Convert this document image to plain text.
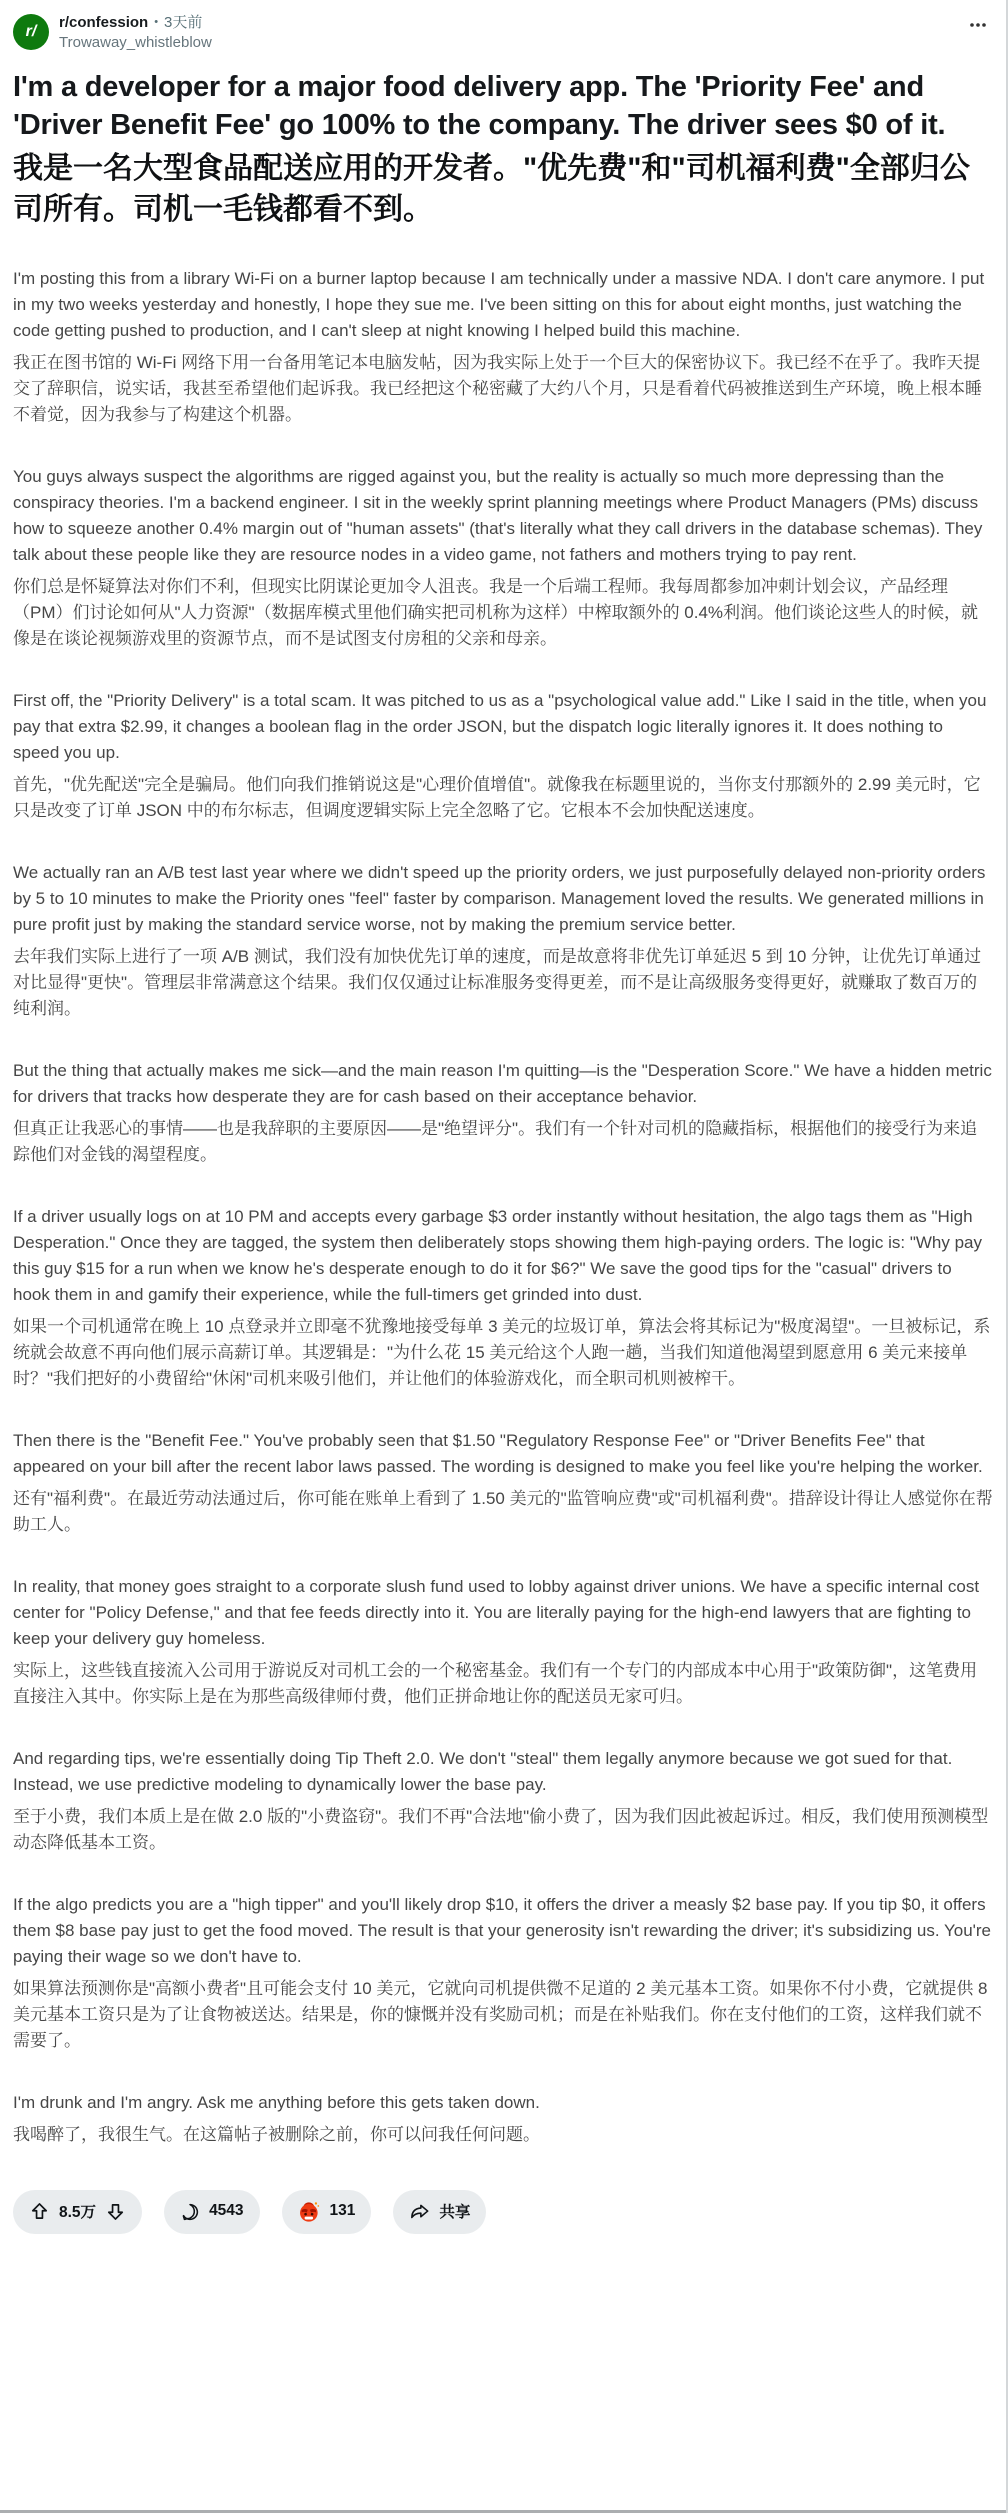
r/
r/confession • 3天前
Trowaway_whistleblow
I'm a developer for a major food delivery app. The 'Priority Fee' and 'Driver Benefit Fee' go 100% to the company. The driver sees $0 of it.
我是一名大型食品配送应用的开发者。"优先费"和"司机福利费"全部归公司所有。司机一毛钱都看不到。

I'm posting this from a library Wi-Fi on a burner laptop because I am technically under a massive NDA. I don't care anymore. I put in my two weeks yesterday and honestly, I hope they sue me. I've been sitting on this for about eight months, just watching the code getting pushed to production, and I can't sleep at night knowing I helped build this machine.

我正在图书馆的 Wi-Fi 网络下用一台备用笔记本电脑发帖，因为我实际上处于一个巨大的保密协议下。我已经不在乎了。我昨天提交了辞职信，说实话，我甚至希望他们起诉我。我已经把这个秘密藏了大约八个月，只是看着代码被推送到生产环境，晚上根本睡不着觉，因为我参与了构建这个机器。

You guys always suspect the algorithms are rigged against you, but the reality is actually so much more depressing than the conspiracy theories. I'm a backend engineer. I sit in the weekly sprint planning meetings where Product Managers (PMs) discuss how to squeeze another 0.4% margin out of "human assets" (that's literally what they call drivers in the database schemas). They talk about these people like they are resource nodes in a video game, not fathers and mothers trying to pay rent.

你们总是怀疑算法对你们不利，但现实比阴谋论更加令人沮丧。我是一个后端工程师。我每周都参加冲刺计划会议，产品经理（PM）们讨论如何从"人力资源"（数据库模式里他们确实把司机称为这样）中榨取额外的 0.4%利润。他们谈论这些人的时候，就像是在谈论视频游戏里的资源节点，而不是试图支付房租的父亲和母亲。

First off, the "Priority Delivery" is a total scam. It was pitched to us as a "psychological value add." Like I said in the title, when you pay that extra $2.99, it changes a boolean flag in the order JSON, but the dispatch logic literally ignores it. It does nothing to speed you up.

首先，"优先配送"完全是骗局。他们向我们推销说这是"心理价值增值"。就像我在标题里说的，当你支付那额外的 2.99 美元时，它只是改变了订单 JSON 中的布尔标志，但调度逻辑实际上完全忽略了它。它根本不会加快配送速度。

We actually ran an A/B test last year where we didn't speed up the priority orders, we just purposefully delayed non-priority orders by 5 to 10 minutes to make the Priority ones "feel" faster by comparison. Management loved the results. We generated millions in pure profit just by making the standard service worse, not by making the premium service better.

去年我们实际上进行了一项 A/B 测试，我们没有加快优先订单的速度，而是故意将非优先订单延迟 5 到 10 分钟，让优先订单通过对比显得"更快"。管理层非常满意这个结果。我们仅仅通过让标准服务变得更差，而不是让高级服务变得更好，就赚取了数百万的纯利润。

But the thing that actually makes me sick—and the main reason I'm quitting—is the "Desperation Score." We have a hidden metric for drivers that tracks how desperate they are for cash based on their acceptance behavior.

但真正让我恶心的事情——也是我辞职的主要原因——是"绝望评分"。我们有一个针对司机的隐藏指标，根据他们的接受行为来追踪他们对金钱的渴望程度。

If a driver usually logs on at 10 PM and accepts every garbage $3 order instantly without hesitation, the algo tags them as "High Desperation." Once they are tagged, the system then deliberately stops showing them high-paying orders. The logic is: "Why pay this guy $15 for a run when we know he's desperate enough to do it for $6?" We save the good tips for the "casual" drivers to hook them in and gamify their experience, while the full-timers get grinded into dust.

如果一个司机通常在晚上 10 点登录并立即毫不犹豫地接受每单 3 美元的垃圾订单，算法会将其标记为"极度渴望"。一旦被标记，系统就会故意不再向他们展示高薪订单。其逻辑是："为什么花 15 美元给这个人跑一趟，当我们知道他渴望到愿意用 6 美元来接单时？"我们把好的小费留给"休闲"司机来吸引他们，并让他们的体验游戏化，而全职司机则被榨干。

Then there is the "Benefit Fee." You've probably seen that $1.50 "Regulatory Response Fee" or "Driver Benefits Fee" that appeared on your bill after the recent labor laws passed. The wording is designed to make you feel like you're helping the worker.

还有"福利费"。在最近劳动法通过后，你可能在账单上看到了 1.50 美元的"监管响应费"或"司机福利费"。措辞设计得让人感觉你在帮助工人。

In reality, that money goes straight to a corporate slush fund used to lobby against driver unions. We have a specific internal cost center for "Policy Defense," and that fee feeds directly into it. You are literally paying for the high-end lawyers that are fighting to keep your delivery guy homeless.

实际上，这些钱直接流入公司用于游说反对司机工会的一个秘密基金。我们有一个专门的内部成本中心用于"政策防御"，这笔费用直接注入其中。你实际上是在为那些高级律师付费，他们正拼命地让你的配送员无家可归。

And regarding tips, we're essentially doing Tip Theft 2.0. We don't "steal" them legally anymore because we got sued for that. Instead, we use predictive modeling to dynamically lower the base pay.

至于小费，我们本质上是在做 2.0 版的"小费盗窃"。我们不再"合法地"偷小费了，因为我们因此被起诉过。相反，我们使用预测模型动态降低基本工资。

If the algo predicts you are a "high tipper" and you'll likely drop $10, it offers the driver a measly $2 base pay. If you tip $0, it offers them $8 base pay just to get the food moved. The result is that your generosity isn't rewarding the driver; it's subsidizing us. You're paying their wage so we don't have to.

如果算法预测你是"高额小费者"且可能会支付 10 美元，它就向司机提供微不足道的 2 美元基本工资。如果你不付小费，它就提供 8 美元基本工资只是为了让食物被送达。结果是，你的慷慨并没有奖励司机；而是在补贴我们。你在支付他们的工资，这样我们就不需要了。

I'm drunk and I'm angry. Ask me anything before this gets taken down.

我喝醉了，我很生气。在这篇帖子被删除之前，你可以问我任何问题。

8.5万	4543	131	共享
